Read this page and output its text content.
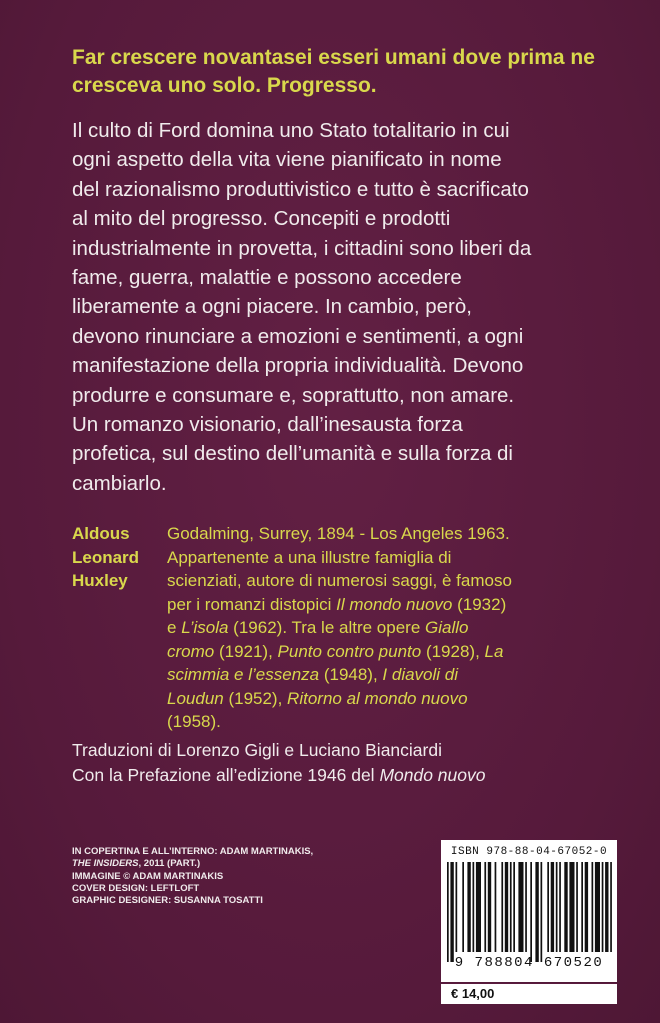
Far crescere novantasei esseri umani dove prima ne cresceva uno solo. Progresso.

Il culto di Ford domina uno Stato totalitario in cui ogni aspetto della vita viene pianificato in nome del razionalismo produttivistico e tutto è sacrificato al mito del progresso. Concepiti e prodotti industrialmente in provetta, i cittadini sono liberi da fame, guerra, malattie e possono accedere liberamente a ogni piacere. In cambio, però, devono rinunciare a emozioni e sentimenti, a ogni manifestazione della propria individualità. Devono produrre e consumare e, soprattutto, non amare. Un romanzo visionario, dall’inesausta forza profetica, sul destino dell’umanità e sulla forza di cambiarlo.

Aldous
Leonard
Huxley

Godalming, Surrey, 1894 - Los Angeles 1963. Appartenente a una illustre famiglia di scienziati, autore di numerosi saggi, è famoso per i romanzi distopici Il mondo nuovo (1932) e L’isola (1962). Tra le altre opere Giallo cromo (1921), Punto contro punto (1928), La scimmia e l’essenza (1948), I diavoli di Loudun (1952), Ritorno al mondo nuovo (1958).

Traduzioni di Lorenzo Gigli e Luciano Bianciardi
Con la Prefazione all’edizione 1946 del Mondo nuovo
IN COPERTINA E ALL’INTERNO: ADAM MARTINAKIS,
THE INSIDERS, 2011 (PART.)
IMMAGINE © ADAM MARTINAKIS
COVER DESIGN: LEFTLOFT
GRAPHIC DESIGNER: SUSANNA TOSATTI
ISBN 978-88-04-67052-0
9 788804 670520
€ 14,00
